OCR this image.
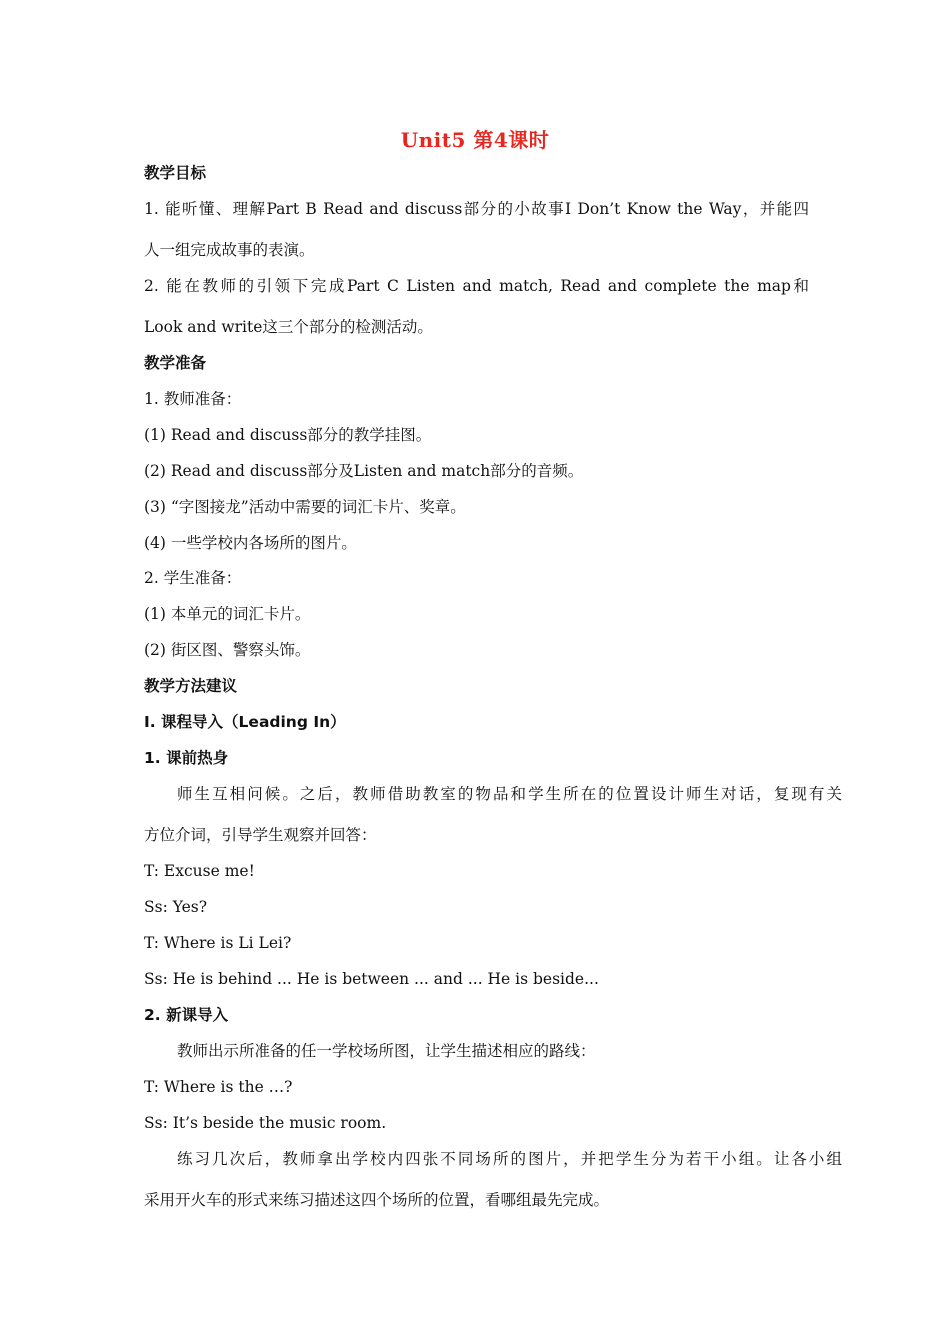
Unit5 第4课时
教学目标
1. 能听懂、理解Part B Read and discuss部分的小故事I Don’t Know the Way，并能四
人一组完成故事的表演。
2. 能在教师的引领下完成Part C Listen and match, Read and complete the map和
Look and write这三个部分的检测活动。
教学准备
1. 教师准备：
(1) Read and discuss部分的教学挂图。
(2) Read and discuss部分及Listen and match部分的音频。
(3) “字图接龙”活动中需要的词汇卡片、奖章。
(4) 一些学校内各场所的图片。
2. 学生准备：
(1) 本单元的词汇卡片。
(2) 街区图、警察头饰。
教学方法建议
I. 课程导入（Leading In）
1. 课前热身
师生互相问候。之后，教师借助教室的物品和学生所在的位置设计师生对话，复现有关
方位介词，引导学生观察并回答：
T: Excuse me!
Ss: Yes?
T: Where is Li Lei?
Ss: He is behind ... He is between ... and ... He is beside...
2. 新课导入
教师出示所准备的任一学校场所图，让学生描述相应的路线：
T: Where is the …?
Ss: It’s beside the music room.
练习几次后，教师拿出学校内四张不同场所的图片，并把学生分为若干小组。让各小组
采用开火车的形式来练习描述这四个场所的位置，看哪组最先完成。
